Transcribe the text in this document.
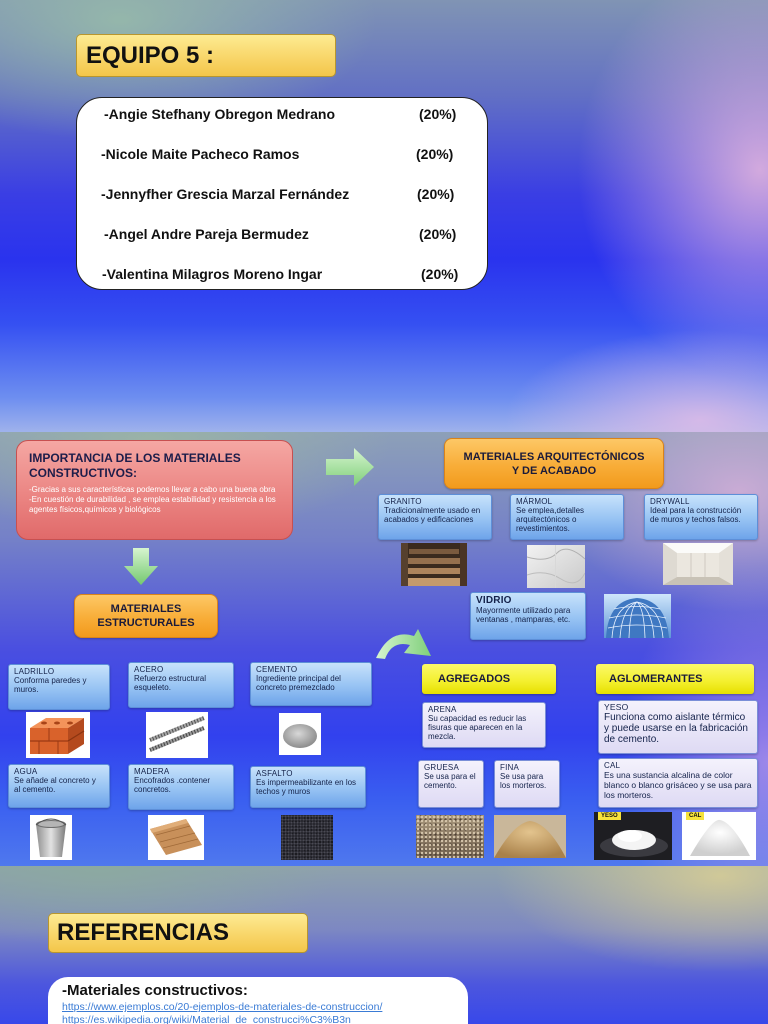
EQUIPO 5 :
-Angie Stefhany Obregon Medrano	(20%)
-Nicole Maite Pacheco Ramos	(20%)
-Jennyfher Grescia Marzal Fernández	(20%)
-Angel Andre Pareja Bermudez	(20%)
-Valentina Milagros Moreno Ingar	(20%)
IMPORTANCIA DE LOS MATERIALES
CONSTRUCTIVOS:
-Gracias a sus características podemos llevar a cabo una buena obra
-En cuestión de durabilidad , se emplea estabilidad y resistencia a los agentes físicos,químicos y biológicos
MATERIALES ARQUITECTÓNICOS
Y DE ACABADO
GRANITO
Tradicionalmente usado en acabados y edificaciones
MÁRMOL
Se emplea,detalles arquitectónicos o revestimientos.
DRYWALL
Ideal para la construcción de muros y techos falsos.
MATERIALES
ESTRUCTURALES
VIDRIO
Mayormente utilizado para ventanas , mamparas, etc.
LADRILLO
Conforma paredes y muros.
ACERO
Refuerzo estructural esqueleto.
CEMENTO
Ingrediente principal del concreto premezclado
AGUA
Se añade al concreto y al cemento.
MADERA
Encofrados .contener concretos.
ASFALTO
Es impermeabilizante en los techos y muros
AGREGADOS	AGLOMERANTES
ARENA
Su capacidad es reducir las fisuras que aparecen en la mezcla.
YESO
Funciona como aislante térmico y puede usarse en la fabricación de cemento.
GRUESA
Se usa para el cemento.
FINA
Se usa para los morteros.
CAL
Es una sustancia alcalina de color blanco o blanco grisáceo y se usa para los morteros.
YESO	CAL
REFERENCIAS
-Materiales constructivos:
https://www.ejemplos.co/20-ejemplos-de-materiales-de-construccion/
https://es.wikipedia.org/wiki/Material_de_construcci%C3%B3n
